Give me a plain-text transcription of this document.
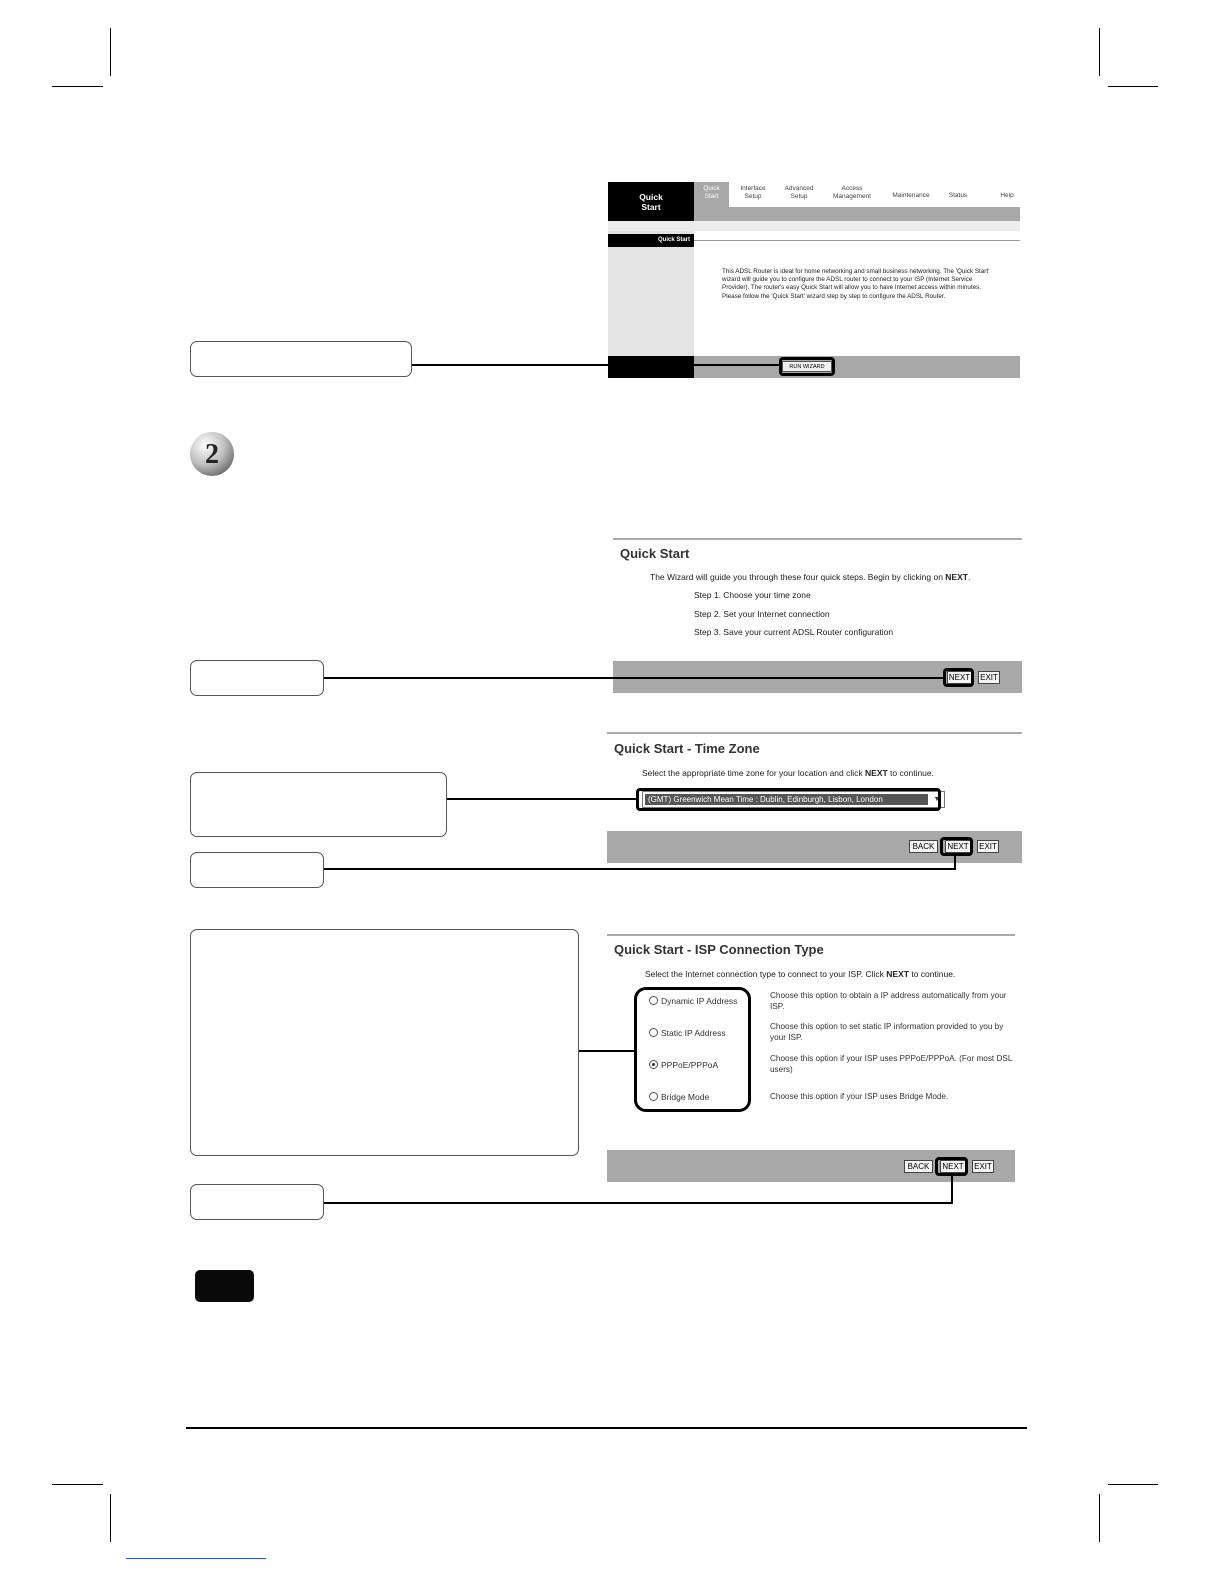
Quick
Start
Quick
Start
Interface
Setup
Advanced
Setup
Access
Management	Maintenance	Status	Help
Quick Start
This ADSL Router is ideal for home networking and small business networking. The 'Quick Start' wizard will guide you to configure the ADSL router to connect to your ISP (Internet Service Provider). The router's easy Quick Start will allow you to have Internet access within minutes. Please follow the 'Quick Start' wizard step by step to configure the ADSL Router.
RUN WIZARD
2
Quick Start
The Wizard will guide you through these four quick steps. Begin by clicking on NEXT.
Step 1. Choose your time zone
Step 2. Set your Internet connection
Step 3. Save your current ADSL Router configuration
NEXT EXIT
Quick Start - Time Zone
Select the appropriate time zone for your location and click NEXT to continue.
(GMT) Greenwich Mean Time : Dublin, Edinburgh, Lisbon, London	▼
BACK	NEXT EXIT
Quick Start - ISP Connection Type
Select the Internet connection type to connect to your ISP. Click NEXT to continue.
Dynamic IP Address
Choose this option to obtain a IP address automatically from your ISP.
Static IP Address
Choose this option to set static IP information provided to you by your ISP.
PPPoE/PPPoA
Choose this option if your ISP uses PPPoE/PPPoA. (For most DSL users)
Bridge Mode	Choose this option if your ISP uses Bridge Mode.
BACK	NEXT EXIT
